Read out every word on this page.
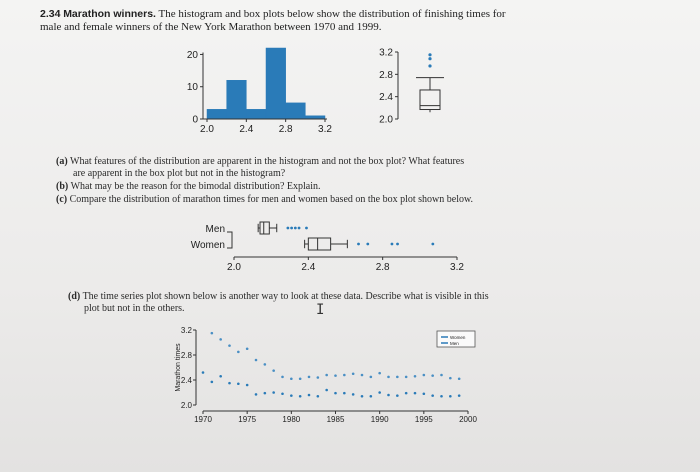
2.34 Marathon winners. The histogram and box plots below show the distribution of finishing times for
male and female winners of the New York Marathon between 1970 and 1999.
2.0	2.4	2.8	3.2
0
10
20
2.0
2.4
2.8
3.2
2.0	2.4	2.8	3.2
Men
Women
2.0
2.4
2.8
3.2
1970	1975	1980	1985	1990	1995	2000
Marathon times
Women
Men
(a) What features of the distribution are apparent in the histogram and not the box plot? What features
are apparent in the box plot but not in the histogram?
(b) What may be the reason for the bimodal distribution? Explain.
(c) Compare the distribution of marathon times for men and women based on the box plot shown below.
(d) The time series plot shown below is another way to look at these data. Describe what is visible in this
plot but not in the others.	I
